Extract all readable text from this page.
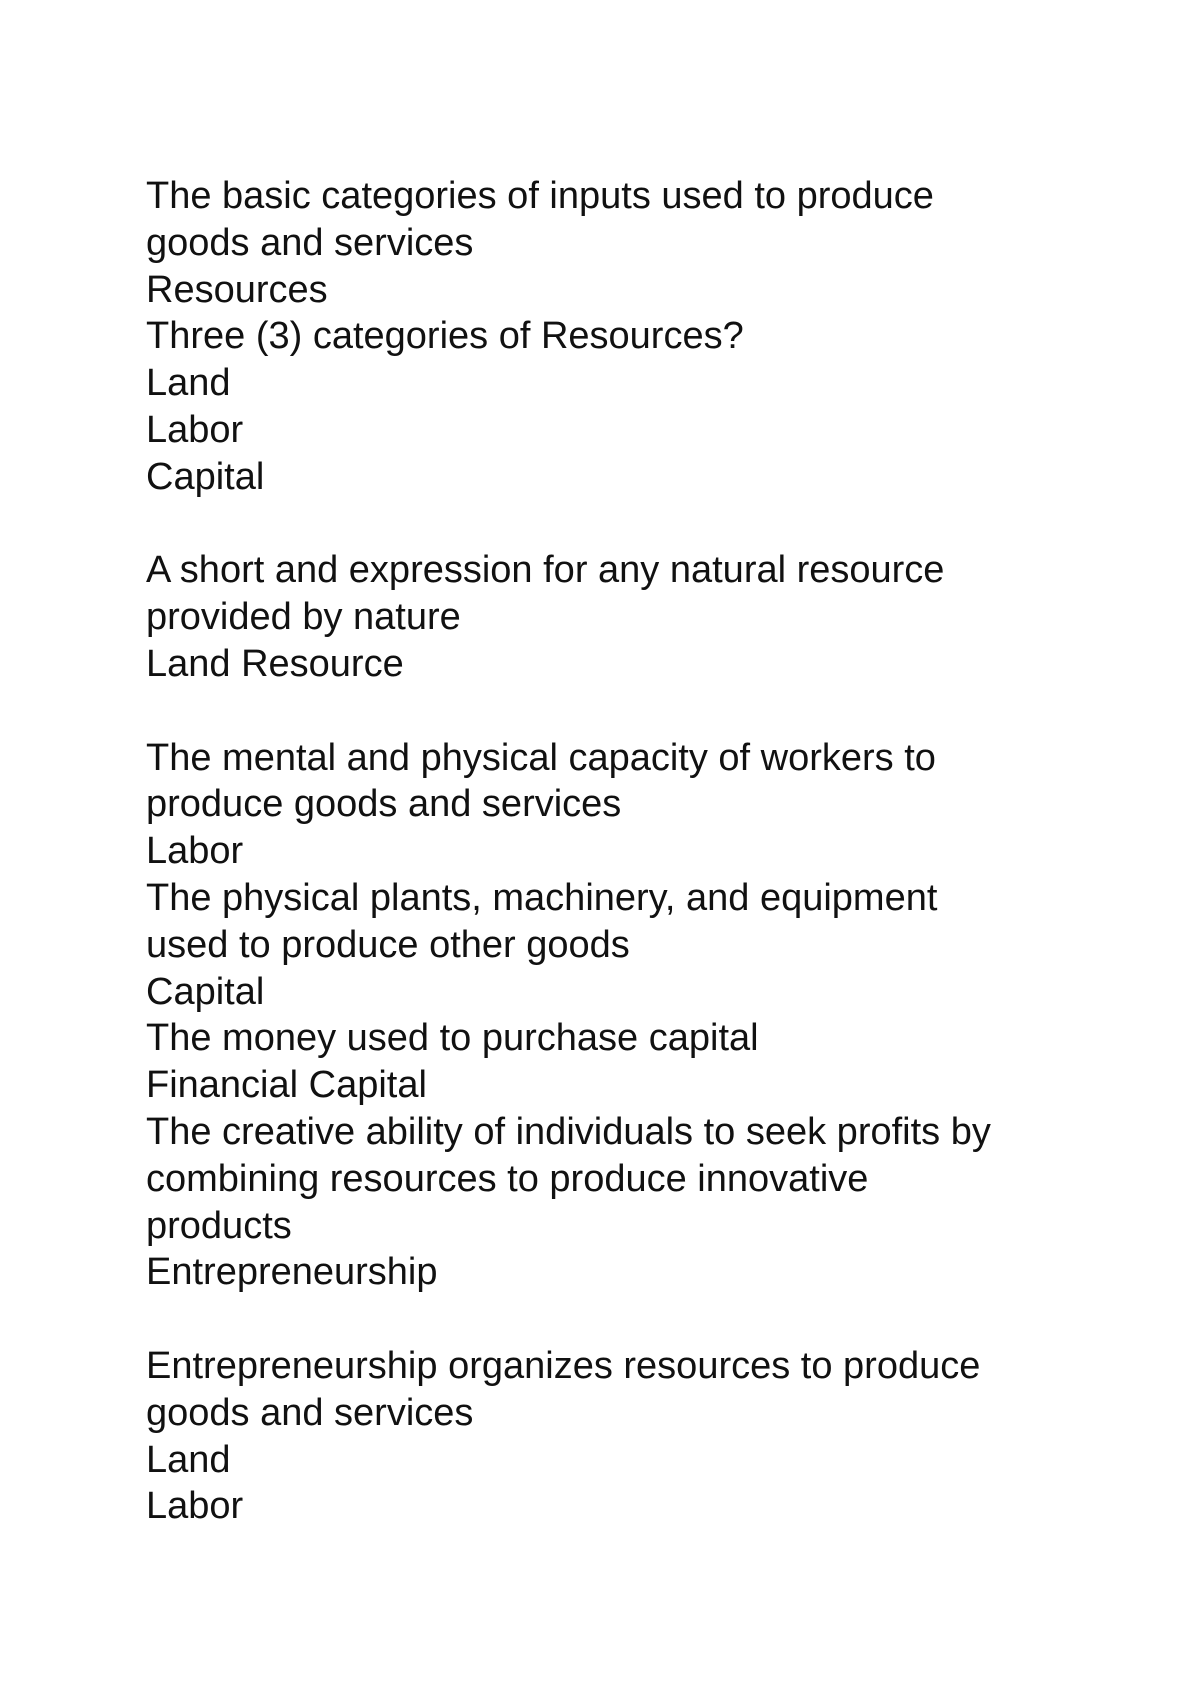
The basic categories of inputs used to produce
goods and services
Resources
Three (3) categories of Resources?
Land
Labor
Capital
A short and expression for any natural resource
provided by nature
Land Resource
The mental and physical capacity of workers to
produce goods and services
Labor
The physical plants, machinery, and equipment
used to produce other goods
Capital
The money used to purchase capital
Financial Capital
The creative ability of individuals to seek profits by
combining resources to produce innovative
products
Entrepreneurship
Entrepreneurship organizes resources to produce
goods and services
Land
Labor
